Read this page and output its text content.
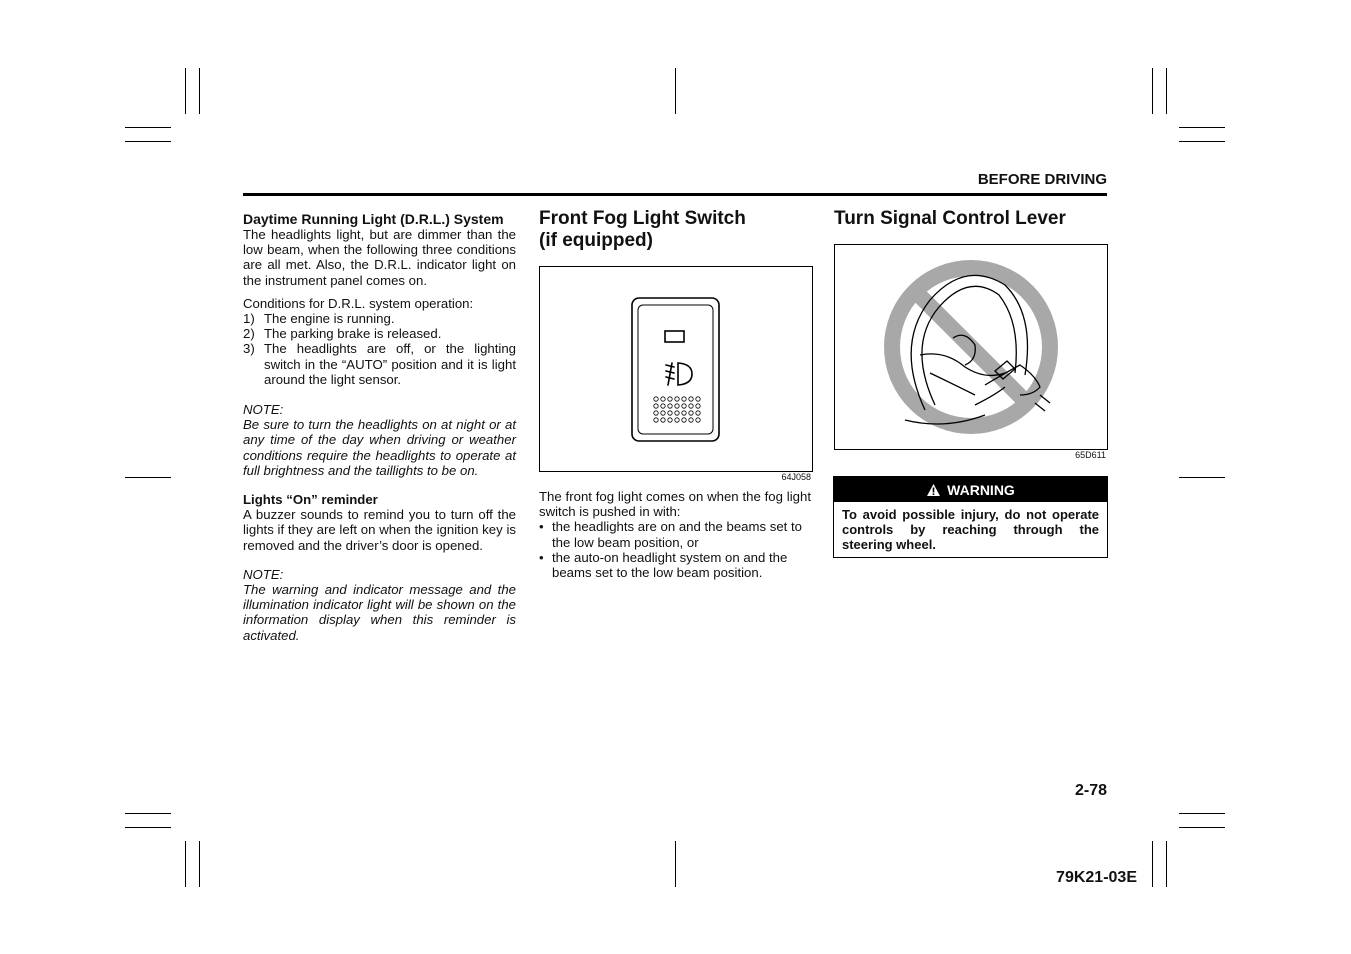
BEFORE DRIVING

Daytime Running Light (D.R.L.) System

The headlights light, but are dimmer than the low beam, when the following three conditions are all met. Also, the D.R.L. indicator light on the instrument panel comes on.

Conditions for D.R.L. system operation:

1) The engine is running.
2) The parking brake is released.
3) The headlights are off, or the lighting switch in the “AUTO” position and it is light around the light sensor.

NOTE:

Be sure to turn the headlights on at night or at any time of the day when driving or weather conditions require the headlights to operate at full brightness and the taillights to be on.

Lights “On” reminder

A buzzer sounds to remind you to turn off the lights if they are left on when the ignition key is removed and the driver’s door is opened.

NOTE:

The warning and indicator message and the illumination indicator light will be shown on the information display when this reminder is activated.

Front Fog Light Switch
(if equipped)
64J058

The front fog light comes on when the fog light switch is pushed in with:

• the headlights are on and the beams set to the low beam position, or
• the auto-on headlight system on and the beams set to the low beam position.
Turn Signal Control Lever
65D611
WARNING
To avoid possible injury, do not operate controls by reaching through the steering wheel.
2-78
79K21-03E
